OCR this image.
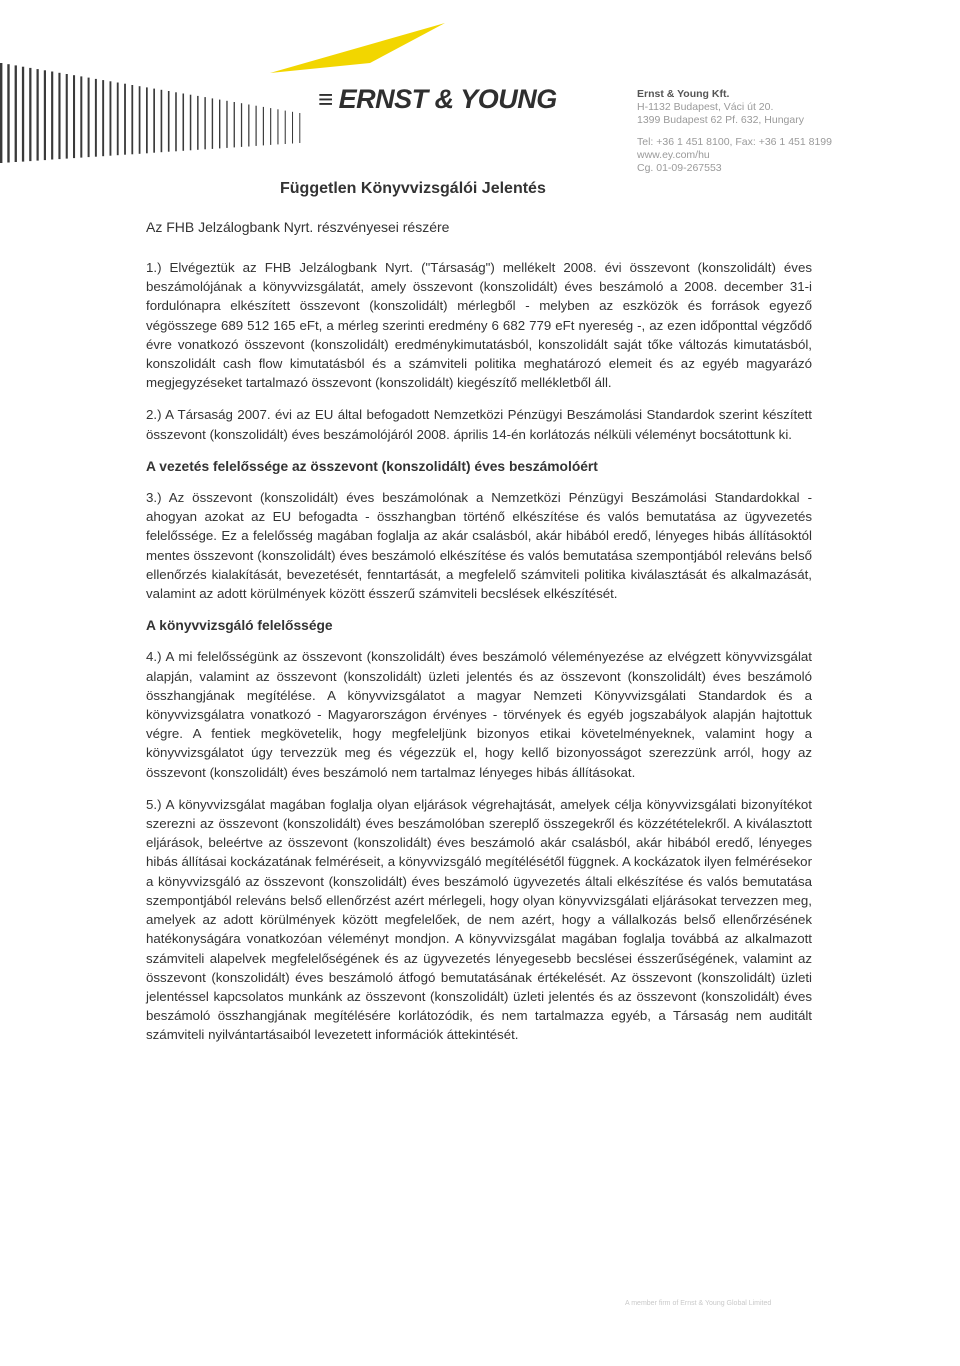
≡ ERNST & YOUNG	Ernst & Young Kft.
H-1132 Budapest, Váci út 20.
1399 Budapest 62 Pf. 632, Hungary
Tel: +36 1 451 8100, Fax: +36 1 451 8199
www.ey.com/hu
Cg. 01-09-267553
Független Könyvvizsgálói Jelentés
Az FHB Jelzálogbank Nyrt. részvényesei részére

1.) Elvégeztük az FHB Jelzálogbank Nyrt. ("Társaság") mellékelt 2008. évi összevont (konszolidált) éves beszámolójának a könyvvizsgálatát, amely összevont (konszolidált) éves beszámoló a 2008. december 31-i fordulónapra elkészített összevont (konszolidált) mérlegből - melyben az eszközök és források egyező végösszege 689 512 165 eFt, a mérleg szerinti eredmény 6 682 779 eFt nyereség -, az ezen időponttal végződő évre vonatkozó összevont (konszolidált) eredménykimutatásból, konszolidált saját tőke változás kimutatásból, konszolidált cash flow kimutatásból és a számviteli politika meghatározó elemeit és az egyéb magyarázó megjegyzéseket tartalmazó összevont (konszolidált) kiegészítő mellékletből áll.

2.) A Társaság 2007. évi az EU által befogadott Nemzetközi Pénzügyi Beszámolási Standardok szerint készített összevont (konszolidált) éves beszámolójáról 2008. április 14-én korlátozás nélküli véleményt bocsátottunk ki.

A vezetés felelőssége az összevont (konszolidált) éves beszámolóért

3.) Az összevont (konszolidált) éves beszámolónak a Nemzetközi Pénzügyi Beszámolási Standardokkal - ahogyan azokat az EU befogadta - összhangban történő elkészítése és valós bemutatása az ügyvezetés felelőssége. Ez a felelősség magában foglalja az akár csalásból, akár hibából eredő, lényeges hibás állításoktól mentes összevont (konszolidált) éves beszámoló elkészítése és valós bemutatása szempontjából releváns belső ellenőrzés kialakítását, bevezetését, fenntartását, a megfelelő számviteli politika kiválasztását és alkalmazását, valamint az adott körülmények között ésszerű számviteli becslések elkészítését.

A könyvvizsgáló felelőssége

4.) A mi felelősségünk az összevont (konszolidált) éves beszámoló véleményezése az elvégzett könyvvizsgálat alapján, valamint az összevont (konszolidált) üzleti jelentés és az összevont (konszolidált) éves beszámoló összhangjának megítélése. A könyvvizsgálatot a magyar Nemzeti Könyvvizsgálati Standardok és a könyvvizsgálatra vonatkozó - Magyarországon érvényes - törvények és egyéb jogszabályok alapján hajtottuk végre. A fentiek megkövetelik, hogy megfeleljünk bizonyos etikai követelményeknek, valamint hogy a könyvvizsgálatot úgy tervezzük meg és végezzük el, hogy kellő bizonyosságot szerezzünk arról, hogy az összevont (konszolidált) éves beszámoló nem tartalmaz lényeges hibás állításokat.

5.) A könyvvizsgálat magában foglalja olyan eljárások végrehajtását, amelyek célja könyvvizsgálati bizonyítékot szerezni az összevont (konszolidált) éves beszámolóban szereplő összegekről és közzétételekről. A kiválasztott eljárások, beleértve az összevont (konszolidált) éves beszámoló akár csalásból, akár hibából eredő, lényeges hibás állításai kockázatának felméréseit, a könyvvizsgáló megítélésétől függnek. A kockázatok ilyen felmérésekor a könyvvizsgáló az összevont (konszolidált) éves beszámoló ügyvezetés általi elkészítése és valós bemutatása szempontjából releváns belső ellenőrzést azért mérlegeli, hogy olyan könyvvizsgálati eljárásokat tervezzen meg, amelyek az adott körülmények között megfelelőek, de nem azért, hogy a vállalkozás belső ellenőrzésének hatékonyságára vonatkozóan véleményt mondjon. A könyvvizsgálat magában foglalja továbbá az alkalmazott számviteli alapelvek megfelelőségének és az ügyvezetés lényegesebb becslései ésszerűségének, valamint az összevont (konszolidált) éves beszámoló átfogó bemutatásának értékelését. Az összevont (konszolidált) üzleti jelentéssel kapcsolatos munkánk az összevont (konszolidált) üzleti jelentés és az összevont (konszolidált) éves beszámoló összhangjának megítélésére korlátozódik, és nem tartalmazza egyéb, a Társaság nem auditált számviteli nyilvántartásaiból levezetett információk áttekintését.

A member firm of Ernst & Young Global Limited
